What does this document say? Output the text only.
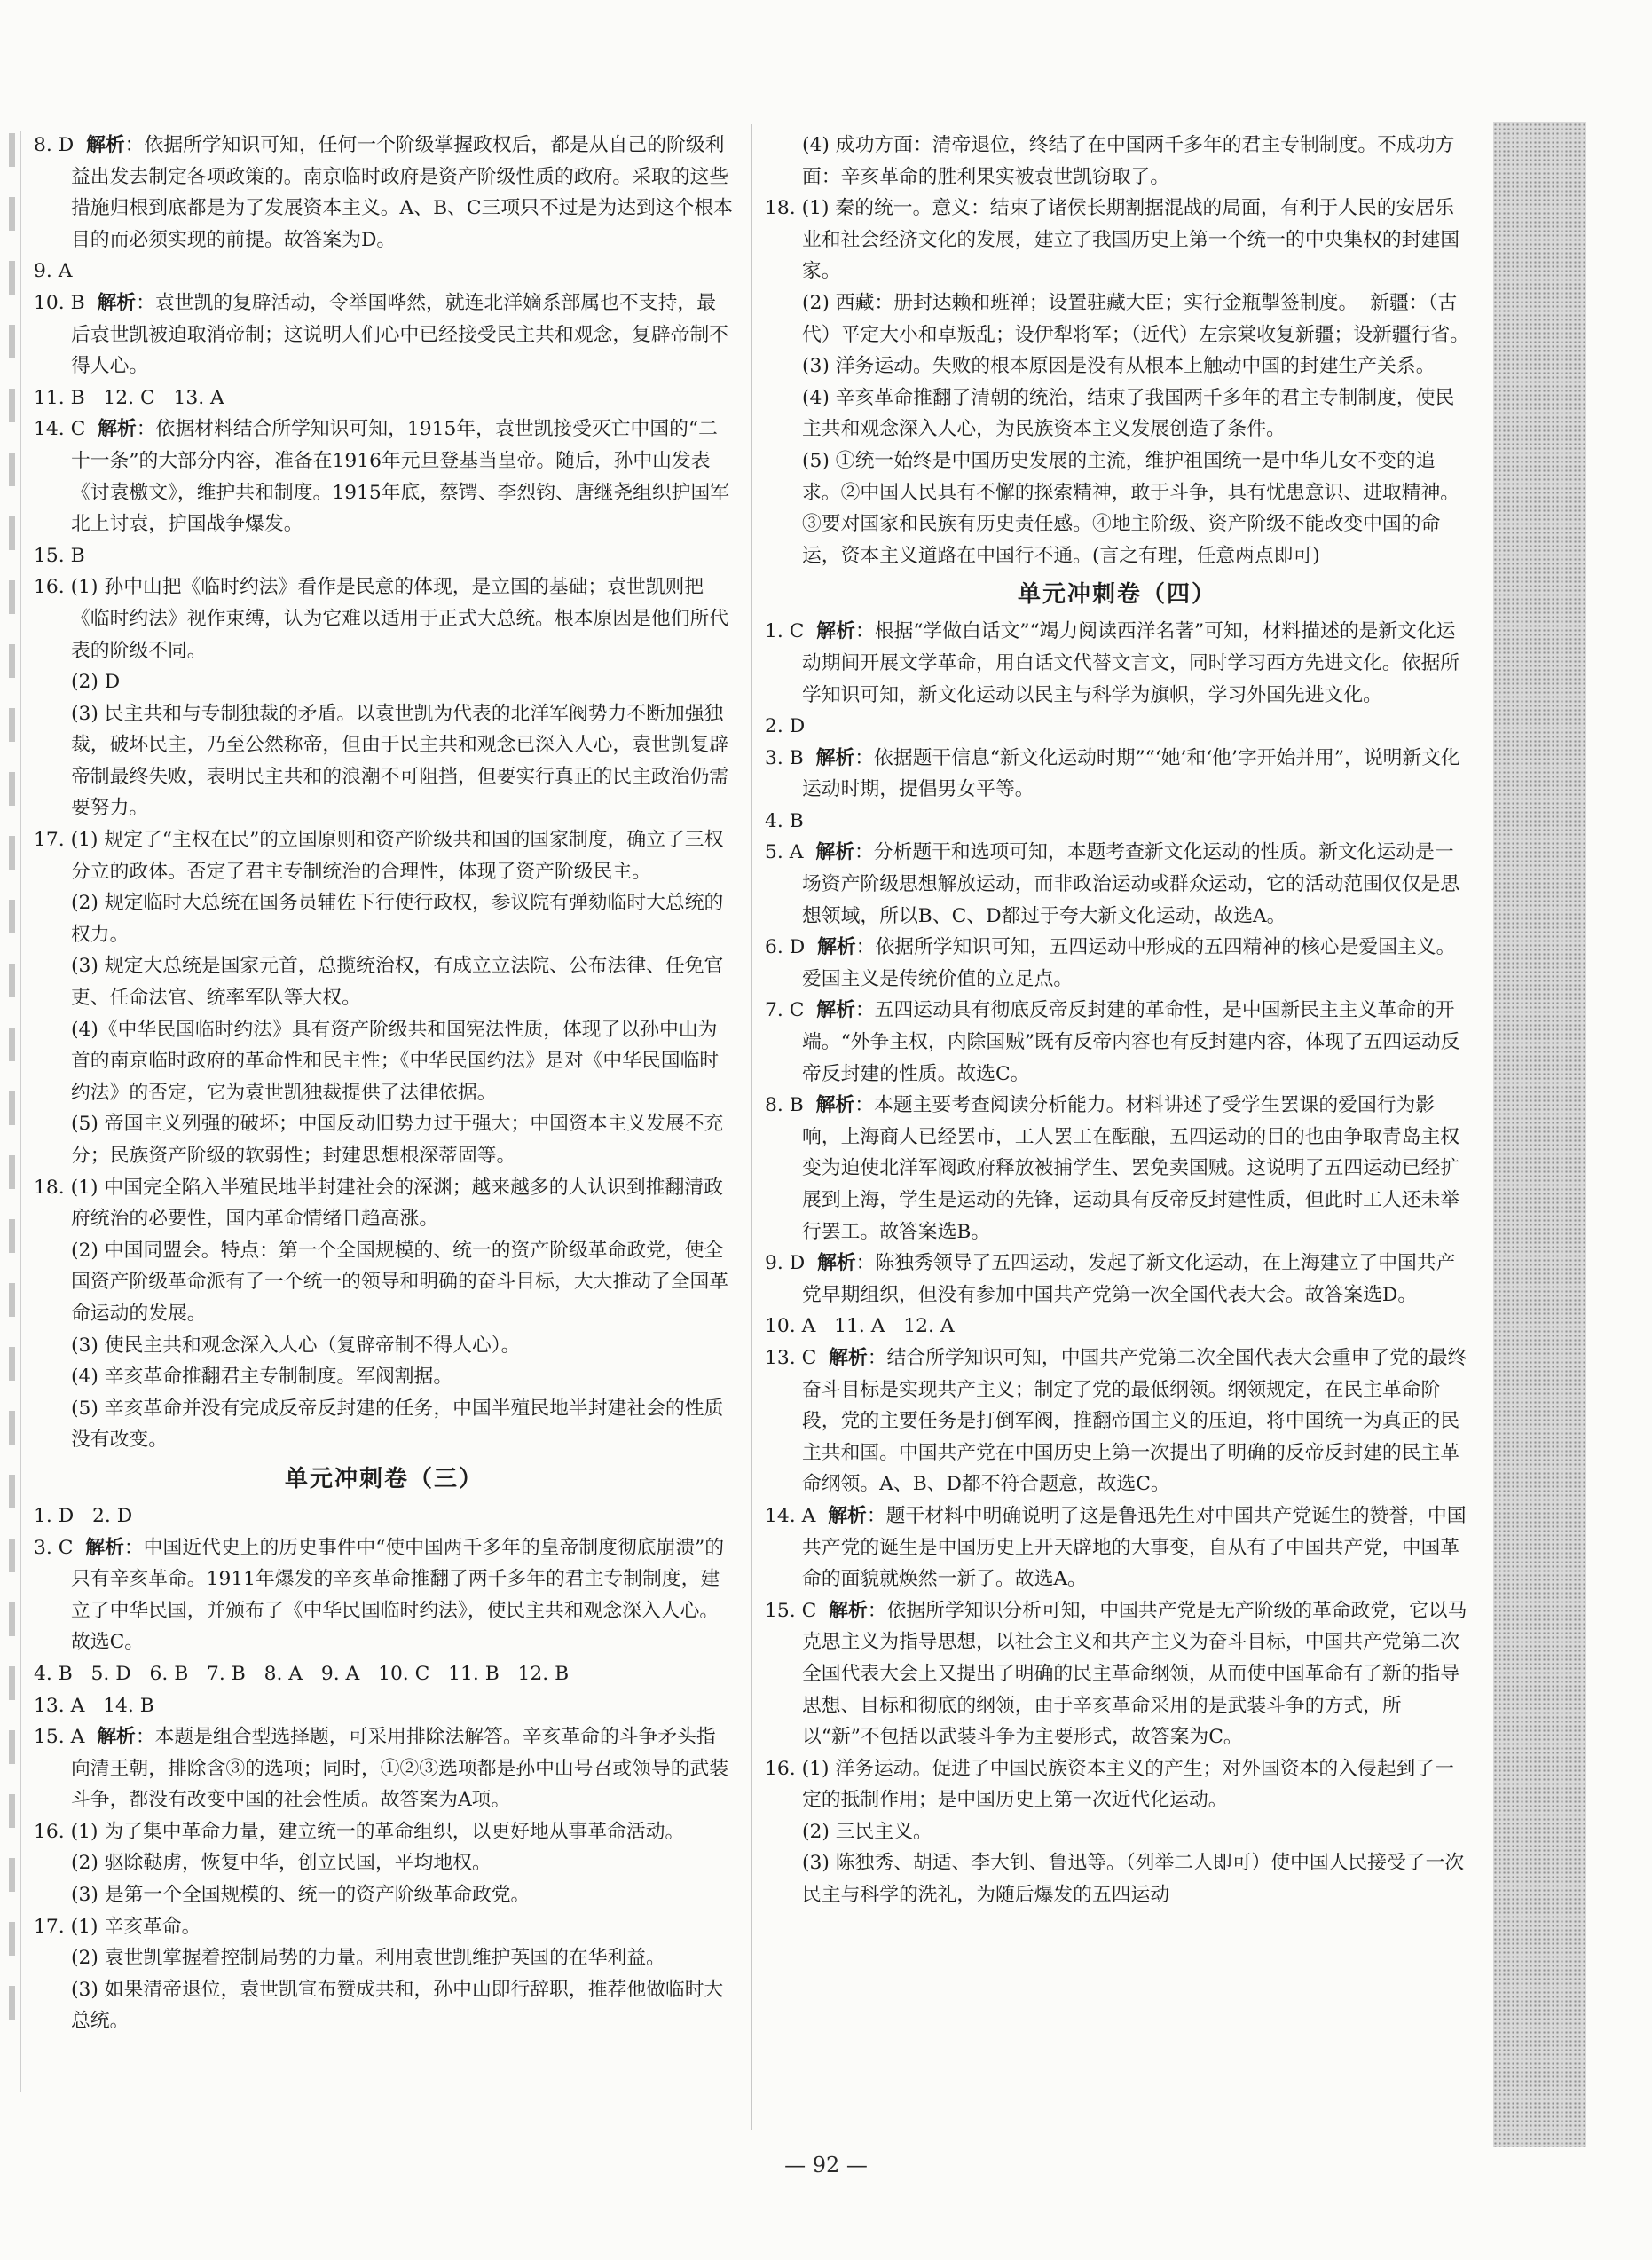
8. D  解析：依据所学知识可知，任何一个阶级掌握政权后，都是从自己的阶级利益出发去制定各项政策的。南京临时政府是资产阶级性质的政府。采取的这些措施归根到底都是为了发展资本主义。A、B、C三项只不过是为达到这个根本目的而必须实现的前提。故答案为D。

9. A

10. B  解析：袁世凯的复辟活动，令举国哗然，就连北洋嫡系部属也不支持，最后袁世凯被迫取消帝制；这说明人们心中已经接受民主共和观念，复辟帝制不得人心。

11. B   12. C   13. A

14. C  解析：依据材料结合所学知识可知，1915年，袁世凯接受灭亡中国的“二十一条”的大部分内容，准备在1916年元旦登基当皇帝。随后，孙中山发表《讨袁檄文》，维护共和制度。1915年底，蔡锷、李烈钧、唐继尧组织护国军北上讨袁，护国战争爆发。

15. B

16. (1) 孙中山把《临时约法》看作是民意的体现，是立国的基础；袁世凯则把《临时约法》视作束缚，认为它难以适用于正式大总统。根本原因是他们所代表的阶级不同。

(2) D

(3) 民主共和与专制独裁的矛盾。以袁世凯为代表的北洋军阀势力不断加强独裁，破坏民主，乃至公然称帝，但由于民主共和观念已深入人心，袁世凯复辟帝制最终失败，表明民主共和的浪潮不可阻挡，但要实行真正的民主政治仍需要努力。

17. (1) 规定了“主权在民”的立国原则和资产阶级共和国的国家制度，确立了三权分立的政体。否定了君主专制统治的合理性，体现了资产阶级民主。

(2) 规定临时大总统在国务员辅佐下行使行政权，参议院有弹劾临时大总统的权力。

(3) 规定大总统是国家元首，总揽统治权，有成立立法院、公布法律、任免官吏、任命法官、统率军队等大权。

(4)《中华民国临时约法》具有资产阶级共和国宪法性质，体现了以孙中山为首的南京临时政府的革命性和民主性；《中华民国约法》是对《中华民国临时约法》的否定，它为袁世凯独裁提供了法律依据。

(5) 帝国主义列强的破坏；中国反动旧势力过于强大；中国资本主义发展不充分；民族资产阶级的软弱性；封建思想根深蒂固等。

18. (1) 中国完全陷入半殖民地半封建社会的深渊；越来越多的人认识到推翻清政府统治的必要性，国内革命情绪日趋高涨。

(2) 中国同盟会。特点：第一个全国规模的、统一的资产阶级革命政党，使全国资产阶级革命派有了一个统一的领导和明确的奋斗目标，大大推动了全国革命运动的发展。

(3) 使民主共和观念深入人心（复辟帝制不得人心）。

(4) 辛亥革命推翻君主专制制度。军阀割据。

(5) 辛亥革命并没有完成反帝反封建的任务，中国半殖民地半封建社会的性质没有改变。

单元冲刺卷（三）

1. D   2. D

3. C  解析：中国近代史上的历史事件中“使中国两千多年的皇帝制度彻底崩溃”的只有辛亥革命。1911年爆发的辛亥革命推翻了两千多年的君主专制制度，建立了中华民国，并颁布了《中华民国临时约法》，使民主共和观念深入人心。故选C。

4. B   5. D   6. B   7. B   8. A   9. A   10. C   11. B   12. B

13. A   14. B

15. A  解析：本题是组合型选择题，可采用排除法解答。辛亥革命的斗争矛头指向清王朝，排除含③的选项；同时，①②③选项都是孙中山号召或领导的武装斗争，都没有改变中国的社会性质。故答案为A项。

16. (1) 为了集中革命力量，建立统一的革命组织，以更好地从事革命活动。

(2) 驱除鞑虏，恢复中华，创立民国，平均地权。

(3) 是第一个全国规模的、统一的资产阶级革命政党。

17. (1) 辛亥革命。

(2) 袁世凯掌握着控制局势的力量。利用袁世凯维护英国的在华利益。

(3) 如果清帝退位，袁世凯宣布赞成共和，孙中山即行辞职，推荐他做临时大总统。

(4) 成功方面：清帝退位，终结了在中国两千多年的君主专制制度。不成功方面：辛亥革命的胜利果实被袁世凯窃取了。

18. (1) 秦的统一。意义：结束了诸侯长期割据混战的局面，有利于人民的安居乐业和社会经济文化的发展，建立了我国历史上第一个统一的中央集权的封建国家。

(2) 西藏：册封达赖和班禅；设置驻藏大臣；实行金瓶掣签制度。  新疆：（古代）平定大小和卓叛乱；设伊犁将军；（近代）左宗棠收复新疆；设新疆行省。

(3) 洋务运动。失败的根本原因是没有从根本上触动中国的封建生产关系。

(4) 辛亥革命推翻了清朝的统治，结束了我国两千多年的君主专制制度，使民主共和观念深入人心，为民族资本主义发展创造了条件。

(5) ①统一始终是中国历史发展的主流，维护祖国统一是中华儿女不变的追求。②中国人民具有不懈的探索精神，敢于斗争，具有忧患意识、进取精神。③要对国家和民族有历史责任感。④地主阶级、资产阶级不能改变中国的命运，资本主义道路在中国行不通。(言之有理，任意两点即可)

单元冲刺卷（四）

1. C  解析：根据“学做白话文”“竭力阅读西洋名著”可知，材料描述的是新文化运动期间开展文学革命，用白话文代替文言文，同时学习西方先进文化。依据所学知识可知，新文化运动以民主与科学为旗帜，学习外国先进文化。

2. D

3. B  解析：依据题干信息“新文化运动时期”“‘她’和‘他’字开始并用”，说明新文化运动时期，提倡男女平等。

4. B

5. A  解析：分析题干和选项可知，本题考查新文化运动的性质。新文化运动是一场资产阶级思想解放运动，而非政治运动或群众运动，它的活动范围仅仅是思想领域，所以B、C、D都过于夸大新文化运动，故选A。

6. D  解析：依据所学知识可知，五四运动中形成的五四精神的核心是爱国主义。爱国主义是传统价值的立足点。

7. C  解析：五四运动具有彻底反帝反封建的革命性，是中国新民主主义革命的开端。“外争主权，内除国贼”既有反帝内容也有反封建内容，体现了五四运动反帝反封建的性质。故选C。

8. B  解析：本题主要考查阅读分析能力。材料讲述了受学生罢课的爱国行为影响，上海商人已经罢市，工人罢工在酝酿，五四运动的目的也由争取青岛主权变为迫使北洋军阀政府释放被捕学生、罢免卖国贼。这说明了五四运动已经扩展到上海，学生是运动的先锋，运动具有反帝反封建性质，但此时工人还未举行罢工。故答案选B。

9. D  解析：陈独秀领导了五四运动，发起了新文化运动，在上海建立了中国共产党早期组织，但没有参加中国共产党第一次全国代表大会。故答案选D。

10. A   11. A   12. A

13. C  解析：结合所学知识可知，中国共产党第二次全国代表大会重申了党的最终奋斗目标是实现共产主义；制定了党的最低纲领。纲领规定，在民主革命阶段，党的主要任务是打倒军阀，推翻帝国主义的压迫，将中国统一为真正的民主共和国。中国共产党在中国历史上第一次提出了明确的反帝反封建的民主革命纲领。A、B、D都不符合题意，故选C。

14. A  解析：题干材料中明确说明了这是鲁迅先生对中国共产党诞生的赞誉，中国共产党的诞生是中国历史上开天辟地的大事变，自从有了中国共产党，中国革命的面貌就焕然一新了。故选A。

15. C  解析：依据所学知识分析可知，中国共产党是无产阶级的革命政党，它以马克思主义为指导思想，以社会主义和共产主义为奋斗目标，中国共产党第二次全国代表大会上又提出了明确的民主革命纲领，从而使中国革命有了新的指导思想、目标和彻底的纲领，由于辛亥革命采用的是武装斗争的方式，所以“新”不包括以武装斗争为主要形式，故答案为C。

16. (1) 洋务运动。促进了中国民族资本主义的产生；对外国资本的入侵起到了一定的抵制作用；是中国历史上第一次近代化运动。

(2) 三民主义。

(3) 陈独秀、胡适、李大钊、鲁迅等。（列举二人即可）使中国人民接受了一次民主与科学的洗礼，为随后爆发的五四运动

— 92 —
